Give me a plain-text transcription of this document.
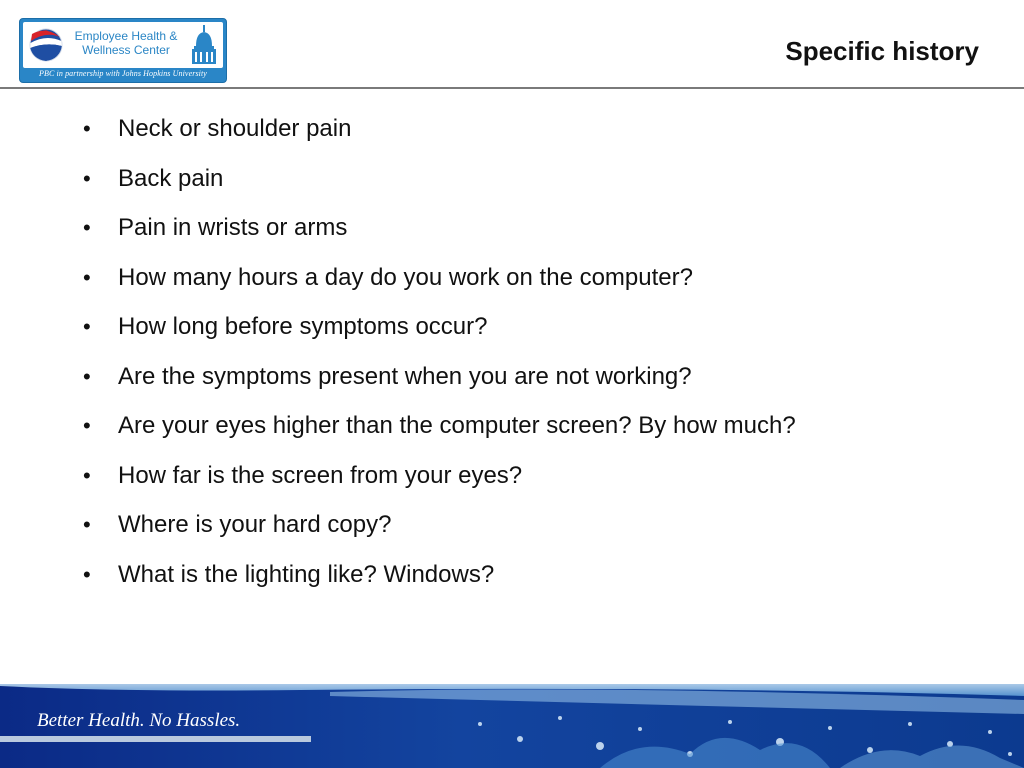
Employee Health &
Wellness Center
PBC in partnership with Johns Hopkins University
Specific history
• Neck or shoulder pain
• Back pain
• Pain in wrists or arms
• How many hours a day do you work on the computer?
• How long before symptoms occur?
• Are the symptoms present when you are not working?
• Are your eyes higher than the computer screen? By how much?
• How far is the screen from your eyes?
• Where is your hard copy?
• What is the lighting like? Windows?
Better Health. No Hassles.
